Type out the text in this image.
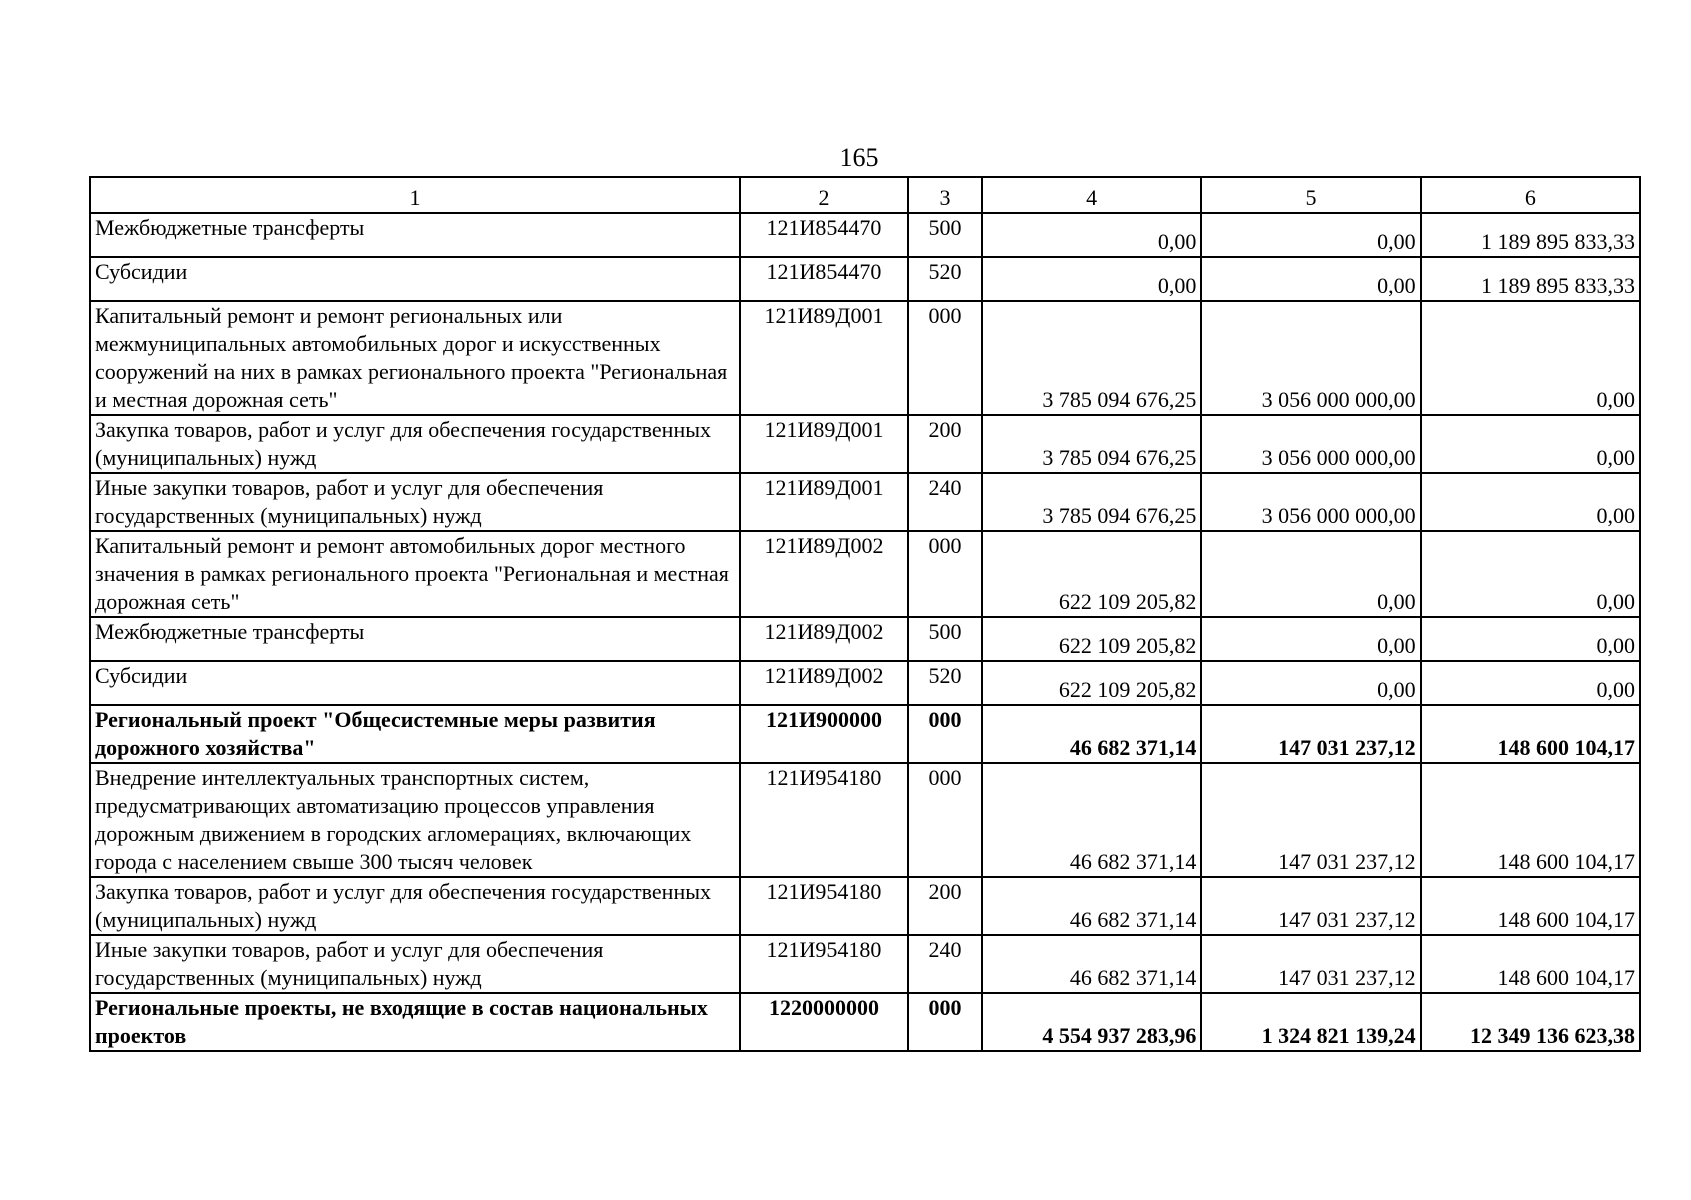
165
1	2	3	4	5	6
Межбюджетные трансферты	121И854470	500	0,00	0,00	1 189 895 833,33
Субсидии	121И854470	520	0,00	0,00	1 189 895 833,33
Капитальный ремонт и ремонт региональных или межмуниципальных автомобильных дорог и искусственных сооружений на них в рамках регионального проекта "Региональная и местная дорожная сеть"	121И89Д001	000	3 785 094 676,25	3 056 000 000,00	0,00
Закупка товаров, работ и услуг для обеспечения государственных (муниципальных) нужд	121И89Д001	200	3 785 094 676,25	3 056 000 000,00	0,00
Иные закупки товаров, работ и услуг для обеспечения государственных (муниципальных) нужд	121И89Д001	240	3 785 094 676,25	3 056 000 000,00	0,00
Капитальный ремонт и ремонт автомобильных дорог местного значения в рамках регионального проекта "Региональная и местная дорожная сеть"	121И89Д002	000	622 109 205,82	0,00	0,00
Межбюджетные трансферты	121И89Д002	500	622 109 205,82	0,00	0,00
Субсидии	121И89Д002	520	622 109 205,82	0,00	0,00
Региональный проект "Общесистемные меры развития дорожного хозяйства"	121И900000	000	46 682 371,14	147 031 237,12	148 600 104,17
Внедрение интеллектуальных транспортных систем, предусматривающих автоматизацию процессов управления дорожным движением в городских агломерациях, включающих города с населением свыше 300 тысяч человек	121И954180	000	46 682 371,14	147 031 237,12	148 600 104,17
Закупка товаров, работ и услуг для обеспечения государственных (муниципальных) нужд	121И954180	200	46 682 371,14	147 031 237,12	148 600 104,17
Иные закупки товаров, работ и услуг для обеспечения государственных (муниципальных) нужд	121И954180	240	46 682 371,14	147 031 237,12	148 600 104,17
Региональные проекты, не входящие в состав национальных проектов	1220000000	000	4 554 937 283,96	1 324 821 139,24	12 349 136 623,38
